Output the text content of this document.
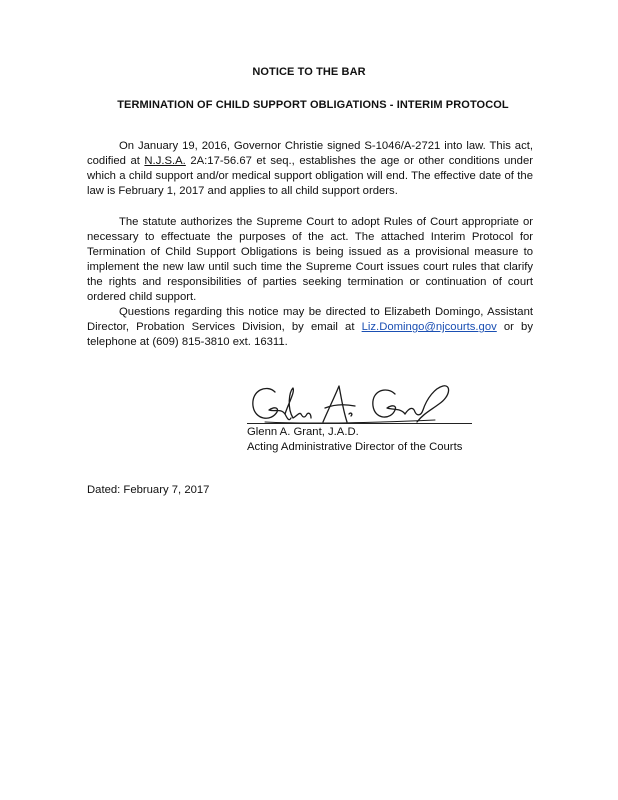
NOTICE TO THE BAR
TERMINATION OF CHILD SUPPORT OBLIGATIONS - INTERIM PROTOCOL
On January 19, 2016, Governor Christie signed S-1046/A-2721 into law. This act,
codified at N.J.S.A. 2A:17-56.67 et seq., establishes the age or other conditions under
which a child support and/or medical support obligation will end. The effective date of the
law is February 1, 2017 and applies to all child support orders.
The statute authorizes the Supreme Court to adopt Rules of Court appropriate or
necessary to effectuate the purposes of the act. The attached Interim Protocol for
Termination of Child Support Obligations is being issued as a provisional measure to
implement the new law until such time the Supreme Court issues court rules that clarify
the rights and responsibilities of parties seeking termination or continuation of court
ordered child support.
Questions regarding this notice may be directed to Elizabeth Domingo, Assistant
Director, Probation Services Division, by email at Liz.Domingo@njcourts.gov or by
telephone at (609) 815-3810 ext. 16311.
Glenn A. Grant, J.A.D.
Acting Administrative Director of the Courts
Dated: February 7, 2017
